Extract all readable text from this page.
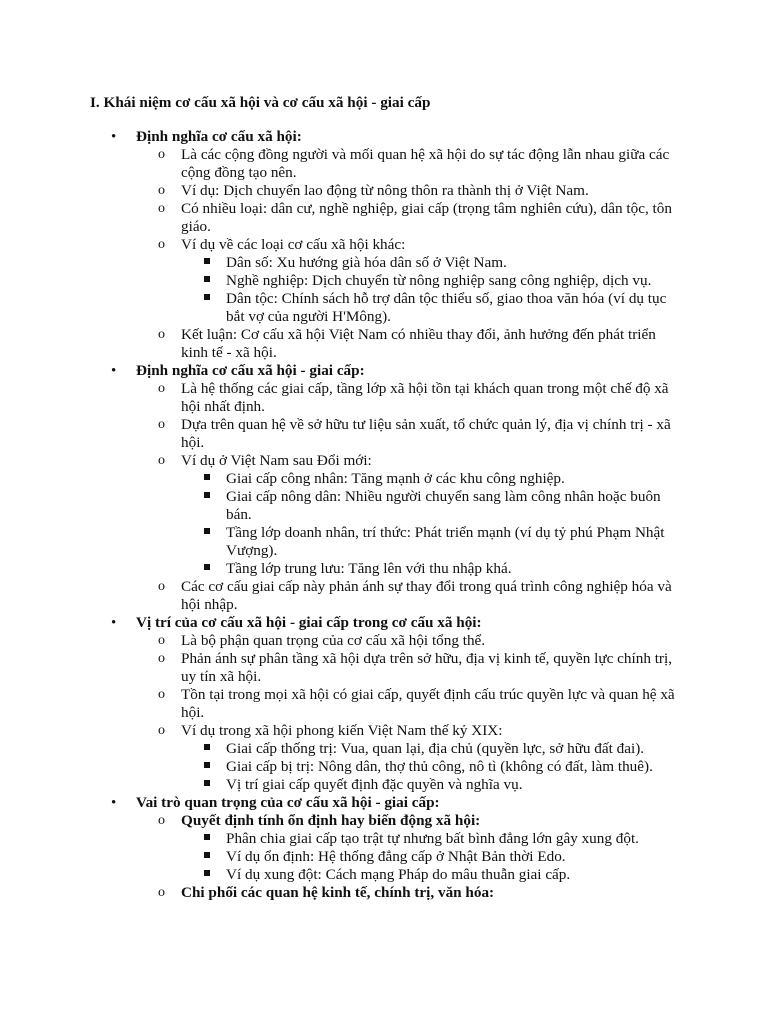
I. Khái niệm cơ cấu xã hội và cơ cấu xã hội - giai cấp
• Định nghĩa cơ cấu xã hội:
o Là các cộng đồng người và mối quan hệ xã hội do sự tác động lẫn nhau giữa các cộng đồng tạo nên.
o Ví dụ: Dịch chuyển lao động từ nông thôn ra thành thị ở Việt Nam.
o Có nhiều loại: dân cư, nghề nghiệp, giai cấp (trọng tâm nghiên cứu), dân tộc, tôn giáo.
o Ví dụ về các loại cơ cấu xã hội khác:
Dân số: Xu hướng già hóa dân số ở Việt Nam.
Nghề nghiệp: Dịch chuyển từ nông nghiệp sang công nghiệp, dịch vụ.
Dân tộc: Chính sách hỗ trợ dân tộc thiểu số, giao thoa văn hóa (ví dụ tục bắt vợ của người H'Mông).
o Kết luận: Cơ cấu xã hội Việt Nam có nhiều thay đổi, ảnh hưởng đến phát triển kinh tế - xã hội.
• Định nghĩa cơ cấu xã hội - giai cấp:
o Là hệ thống các giai cấp, tầng lớp xã hội tồn tại khách quan trong một chế độ xã hội nhất định.
o Dựa trên quan hệ về sở hữu tư liệu sản xuất, tổ chức quản lý, địa vị chính trị - xã hội.
o Ví dụ ở Việt Nam sau Đổi mới:
Giai cấp công nhân: Tăng mạnh ở các khu công nghiệp.
Giai cấp nông dân: Nhiều người chuyển sang làm công nhân hoặc buôn bán.
Tầng lớp doanh nhân, trí thức: Phát triển mạnh (ví dụ tỷ phú Phạm Nhật Vượng).
Tầng lớp trung lưu: Tăng lên với thu nhập khá.
o Các cơ cấu giai cấp này phản ánh sự thay đổi trong quá trình công nghiệp hóa và hội nhập.
• Vị trí của cơ cấu xã hội - giai cấp trong cơ cấu xã hội:
o Là bộ phận quan trọng của cơ cấu xã hội tổng thể.
o Phản ánh sự phân tầng xã hội dựa trên sở hữu, địa vị kinh tế, quyền lực chính trị, uy tín xã hội.
o Tồn tại trong mọi xã hội có giai cấp, quyết định cấu trúc quyền lực và quan hệ xã hội.
o Ví dụ trong xã hội phong kiến Việt Nam thế kỷ XIX:
Giai cấp thống trị: Vua, quan lại, địa chủ (quyền lực, sở hữu đất đai).
Giai cấp bị trị: Nông dân, thợ thủ công, nô tì (không có đất, làm thuê).
Vị trí giai cấp quyết định đặc quyền và nghĩa vụ.
• Vai trò quan trọng của cơ cấu xã hội - giai cấp:
o Quyết định tính ổn định hay biến động xã hội:
Phân chia giai cấp tạo trật tự nhưng bất bình đẳng lớn gây xung đột.
Ví dụ ổn định: Hệ thống đẳng cấp ở Nhật Bản thời Edo.
Ví dụ xung đột: Cách mạng Pháp do mâu thuẫn giai cấp.
o Chi phối các quan hệ kinh tế, chính trị, văn hóa:
